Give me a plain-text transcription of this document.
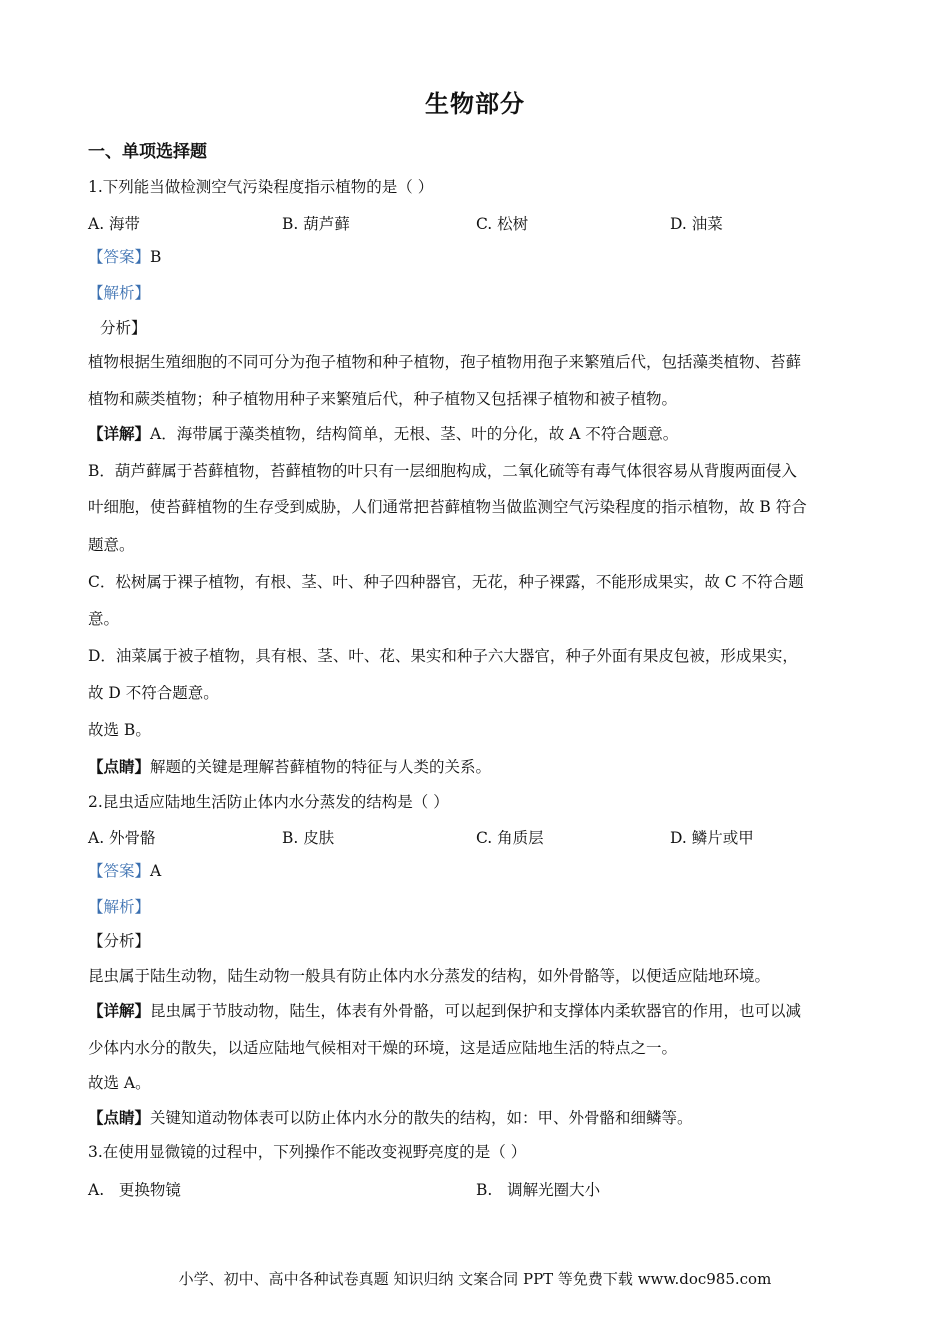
生物部分
一、单项选择题
1.下列能当做检测空气污染程度指示植物的是（ ）
A. 海带	B. 葫芦藓	C. 松树	D. 油菜
【答案】B
【解析】
分析】
植物根据生殖细胞的不同可分为孢子植物和种子植物，孢子植物用孢子来繁殖后代，包括藻类植物、苔藓
植物和蕨类植物；种子植物用种子来繁殖后代，种子植物又包括裸子植物和被子植物。
【详解】A．海带属于藻类植物，结构简单，无根、茎、叶的分化，故 A 不符合题意。
B．葫芦藓属于苔藓植物，苔藓植物的叶只有一层细胞构成，二氧化硫等有毒气体很容易从背腹两面侵入
叶细胞，使苔藓植物的生存受到威胁，人们通常把苔藓植物当做监测空气污染程度的指示植物，故 B 符合
题意。
C．松树属于裸子植物，有根、茎、叶、种子四种器官，无花，种子裸露，不能形成果实，故 C 不符合题
意。
D．油菜属于被子植物，具有根、茎、叶、花、果实和种子六大器官，种子外面有果皮包被，形成果实，
故 D 不符合题意。
故选 B。
【点睛】解题的关键是理解苔藓植物的特征与人类的关系。
2.昆虫适应陆地生活防止体内水分蒸发的结构是（ ）
A. 外骨骼	B. 皮肤	C. 角质层	D. 鳞片或甲
【答案】A
【解析】
【分析】
昆虫属于陆生动物，陆生动物一般具有防止体内水分蒸发的结构，如外骨骼等，以便适应陆地环境。
【详解】昆虫属于节肢动物，陆生，体表有外骨骼，可以起到保护和支撑体内柔软器官的作用，也可以减
少体内水分的散失，以适应陆地气候相对干燥的环境，这是适应陆地生活的特点之一。
故选 A。
【点睛】关键知道动物体表可以防止体内水分的散失的结构，如：甲、外骨骼和细鳞等。
3.在使用显微镜的过程中，下列操作不能改变视野亮度的是（ ）
A.   更换物镜	B.   调解光圈大小
小学、初中、高中各种试卷真题 知识归纳 文案合同 PPT 等免费下载 www.doc985.com
